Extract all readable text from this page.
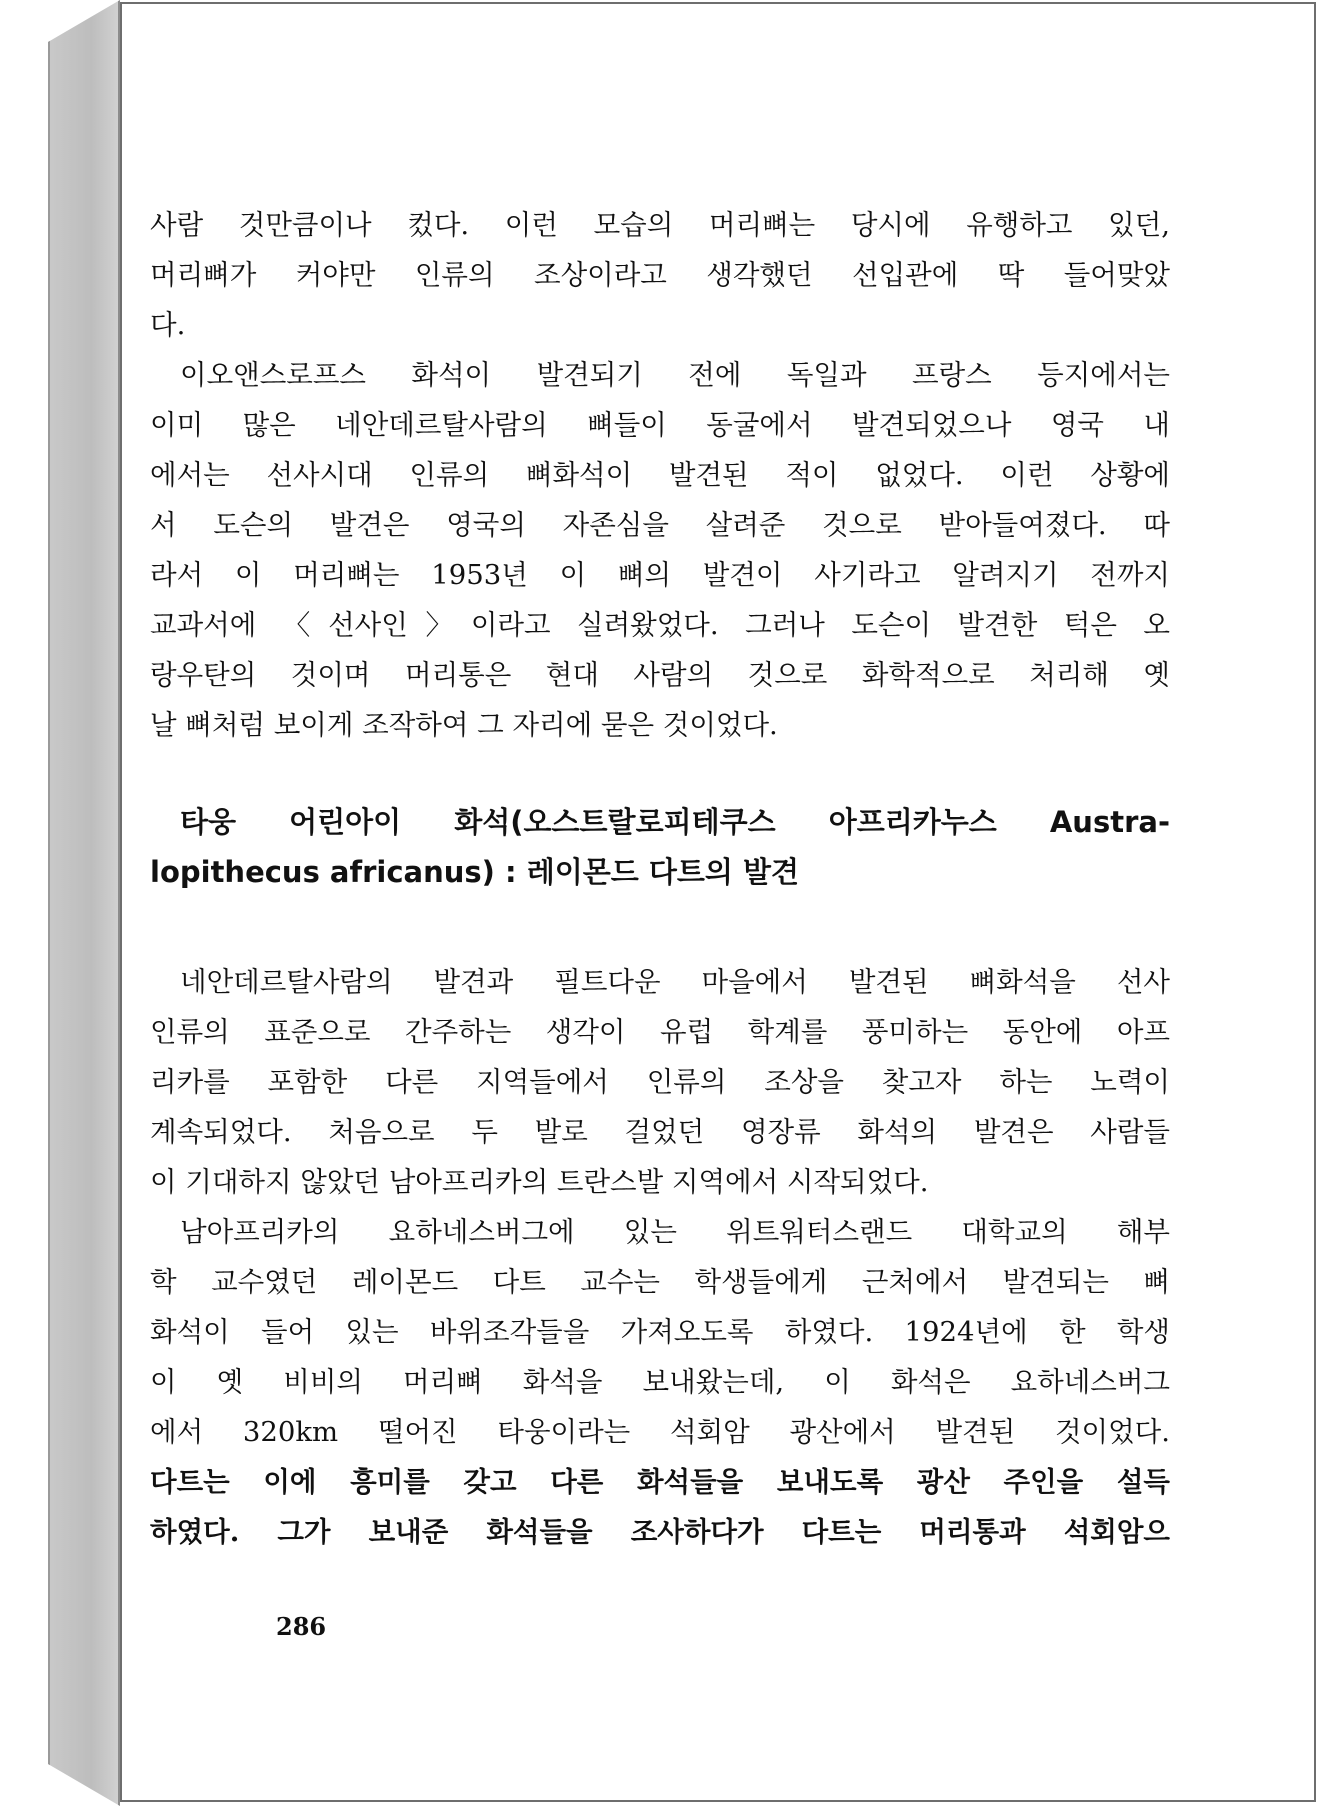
사람 것만큼이나 컸다. 이런 모습의 머리뼈는 당시에 유행하고 있던,
머리뼈가 커야만 인류의 조상이라고 생각했던 선입관에 딱 들어맞았
다.

이오앤스로프스 화석이 발견되기 전에 독일과 프랑스 등지에서는
이미 많은 네안데르탈사람의 뼈들이 동굴에서 발견되었으나 영국 내
에서는 선사시대 인류의 뼈화석이 발견된 적이 없었다. 이런 상황에
서 도슨의 발견은 영국의 자존심을 살려준 것으로 받아들여졌다. 따
라서 이 머리뼈는 1953년 이 뼈의 발견이 사기라고 알려지기 전까지
교과서에 〈선사인〉이라고 실려왔었다. 그러나 도슨이 발견한 턱은 오
랑우탄의 것이며 머리통은 현대 사람의 것으로 화학적으로 처리해 옛
날 뼈처럼 보이게 조작하여 그 자리에 묻은 것이었다.

타웅 어린아이 화석(오스트랄로피테쿠스 아프리카누스 Austra-
lopithecus africanus) : 레이몬드 다트의 발견

네안데르탈사람의 발견과 필트다운 마을에서 발견된 뼈화석을 선사
인류의 표준으로 간주하는 생각이 유럽 학계를 풍미하는 동안에 아프
리카를 포함한 다른 지역들에서 인류의 조상을 찾고자 하는 노력이
계속되었다. 처음으로 두 발로 걸었던 영장류 화석의 발견은 사람들
이 기대하지 않았던 남아프리카의 트란스발 지역에서 시작되었다.

남아프리카의 요하네스버그에 있는 위트워터스랜드 대학교의 해부
학 교수였던 레이몬드 다트 교수는 학생들에게 근처에서 발견되는 뼈
화석이 들어 있는 바위조각들을 가져오도록 하였다. 1924년에 한 학생
이 옛 비비의 머리뼈 화석을 보내왔는데, 이 화석은 요하네스버그
에서 320km 떨어진 타웅이라는 석회암 광산에서 발견된 것이었다.
다트는 이에 흥미를 갖고 다른 화석들을 보내도록 광산 주인을 설득
하였다. 그가 보내준 화석들을 조사하다가 다트는 머리통과 석회암으

286
